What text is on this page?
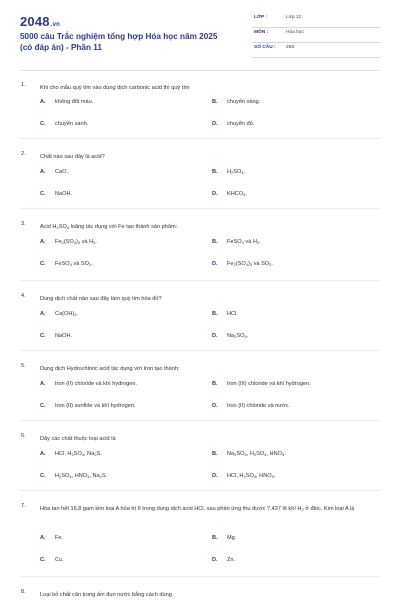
2048.vn
5000 câu Trắc nghiệm tổng hợp Hóa học năm 2025 (có đáp án) - Phần 11
LỚP :	Lớp 12
MÔN :	Hóa học
SỐ CÂU : 258
1.	Khi cho mẫu quỳ tím vào dung dịch carbonic acid thì quỳ tím
A. không đổi màu.	B. chuyển vàng.
C. chuyển xanh.	D. chuyển đỏ.
2.	Chất nào sau đây là acid?
A. CaO.	B. $H_2SO_4$.
C. NaOH.	D. $KHCO_3$.
3.	Acid $H_2SO_4$ loãng tác dụng với Fe tạo thành sản phẩm:
A. $Fe_2(SO_4)_3$ và $H_2$.	B. FeSO$_4$ và $H_2$.
C. FeSO$_4$ và $SO_2$.	D. $Fe_2(SO_4)_3$ và $SO_2$.
4.	Dung dịch chất nào sau đây làm quỳ tím hóa đỏ?
A. $Ca(OH)_2$.	B. HCl.
C. NaOH.	D. $Na_2SO_4$.
5.	Dung dịch Hydrochloric acid tác dụng với Iron tạo thành:
A. Iron (II) chloride và khí hydrogen.	B. Iron (III) chloride và khí hydrogen.
C. Iron (II) sunfide và khí hydrogen.	D. Iron (II) chloride và nước.
6.	Dãy các chất thuộc loại acid là
A. HCl, $H_2SO_4$, $Na_2S$.	B. $Na_2SO_4$, $H_2SO_4$, $HNO_3$.
C. $H_2SO_4$, $HNO_3$, $Na_2S$.	D. HCl, $H_2SO_4$, $HNO_3$.
7.	Hòa tan hết 16,8 gam kim loại A hóa trị II trong dung dịch acid HCl, sau phản ứng thu được 7,437 lít khí $H_2$ ở đktc. Kim loại A là
A. Fe.	B. Mg.
C. Cu.	D. Zn.
8.	Loại bỏ chất cặn trong ấm đun nước bằng cách dùng
